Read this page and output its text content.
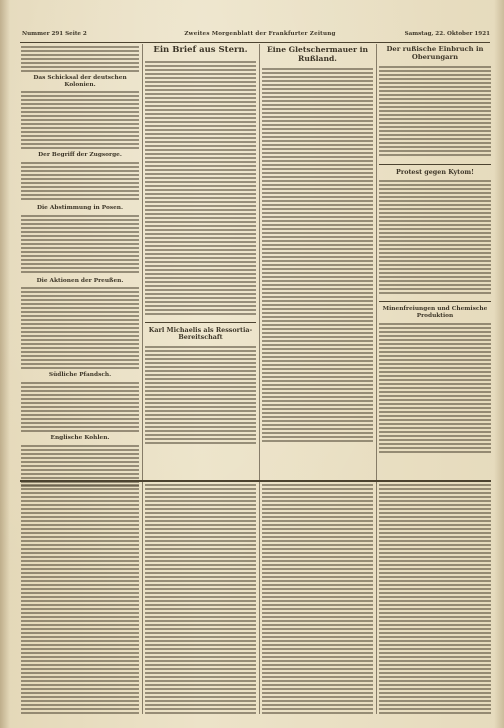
Nummer 291 Seite 2	Zweites Morgenblatt der Frankfurter Zeitung	Samstag, 22. Oktober 1921
Das Schicksal der deutschen Kolonien.
Der Begriff der Zugsorge.
Die Abstimmung in Posen.
Die Aktionen der Preußen.
Südliche Pfandsch.
Englische Kohlen.
Ein Brief aus Stern.
Karl Michaelis als Ressortia-Bereitschaft
Eine Gletschermauer in Rußland.
Der rußische Einbruch in Oberungarn
Protest gegen Kytom!
Minenfreiungen und Chemische Produktion
